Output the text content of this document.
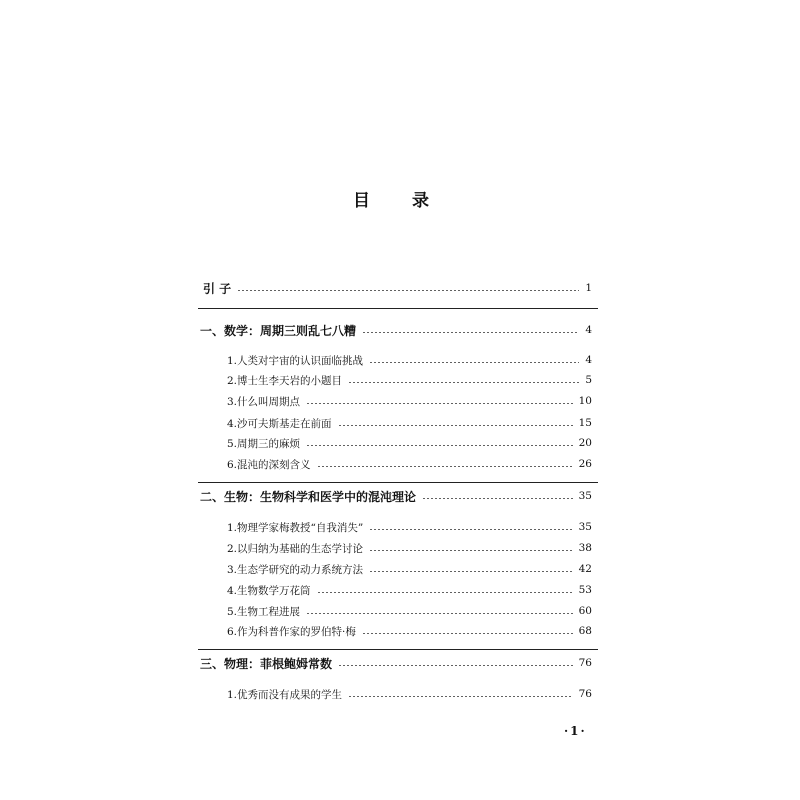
目 录
引 子	1
一、数学：周期三则乱七八糟	4
1.人类对宇宙的认识面临挑战	4
2.博士生李天岩的小题目	5
3.什么叫周期点	10
4.沙可夫斯基走在前面	15
5.周期三的麻烦	20
6.混沌的深刻含义	26
二、生物：生物科学和医学中的混沌理论	35
1.物理学家梅教授“自我消失”	35
2.以归纳为基础的生态学讨论	38
3.生态学研究的动力系统方法	42
4.生物数学万花筒	53
5.生物工程进展	60
6.作为科普作家的罗伯特·梅	68
三、物理：菲根鲍姆常数	76
1.优秀而没有成果的学生	76
·1·
